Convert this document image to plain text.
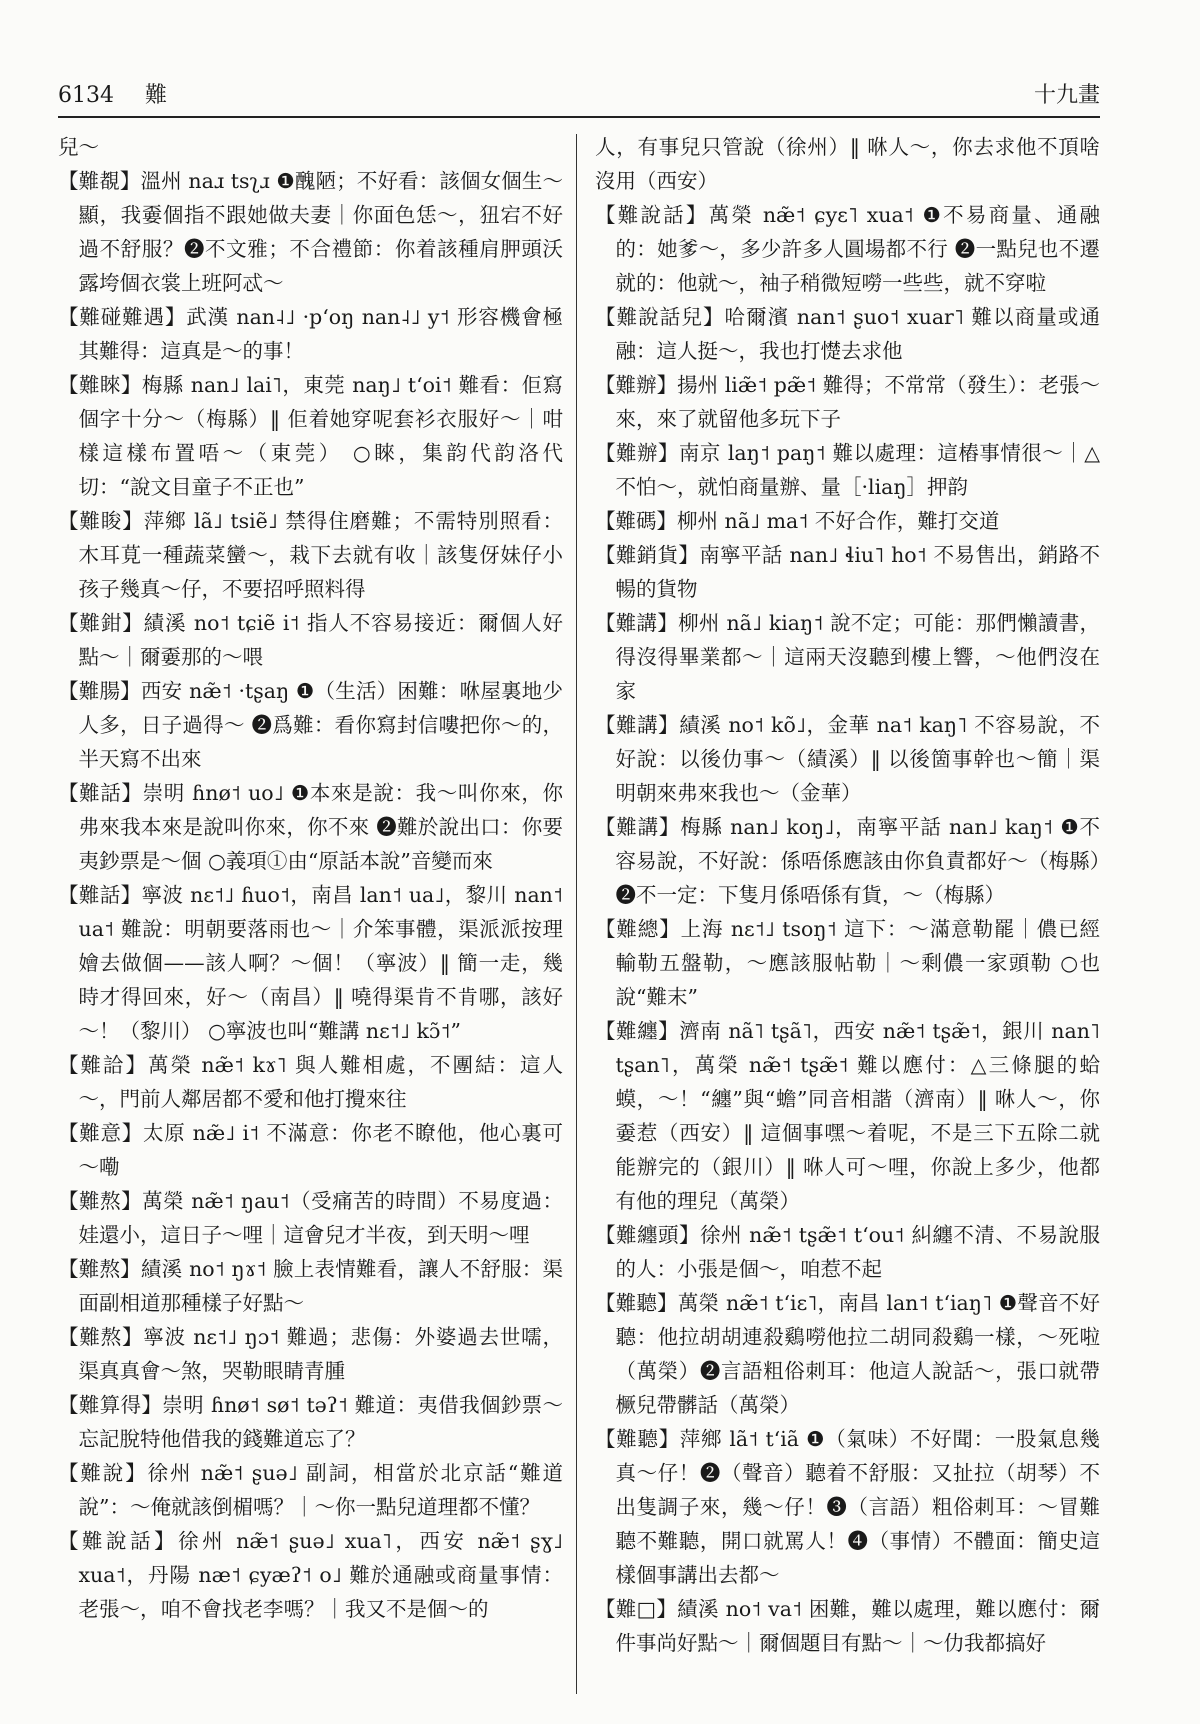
6134 難	十九畫

兒～

【難覩】溫州 naɹ tsʅɹ ❶醜陋；不好看：該個女個生～顯，我嫑個指不跟她做夫妻｜你面色恁～，狃宕不好過不舒服？❷不文雅；不合禮節：你着該種肩胛頭沃露垮個衣裳上班阿忒～

【難碰難遇】武漢 nan˨˩ ·pʻoŋ nan˨˩ y˦ 形容機會極其難得：這真是～的事！

【難睞】梅縣 nan˩ lai˥，東莞 naŋ˩ tʻoi˦ 難看：佢寫個字十分～（梅縣）‖ 佢着她穿呢套衫衣服好～｜咁樣這樣布置唔～（東莞） ○睞，集韵代韵洛代切：“說文目童子不正也”

【難睃】萍鄉 lã˩ tsiẽ˩ 禁得住磨難；不需特別照看：木耳莧一種蔬菜蠻～，栽下去就有收｜該隻伢妹仔小孩子幾真～仔，不要招呼照料得

【難鉗】績溪 no˦ tɕiẽ i˦ 指人不容易接近：爾個人好點～｜爾嫑那的～喂

【難腸】西安 næ̃˦ ·tʂaŋ ❶（生活）困難：咻屋裏地少人多，日子過得～ ❷爲難：看你寫封信嘍把你～的，半天寫不出來

【難話】崇明 ɦnø˦ uo˩ ❶本來是說：我～叫你來，你弗來我本來是說叫你來，你不來 ❷難於說出口：你要夷鈔票是～個 ○義項①由“原話本說”音變而來

【難話】寧波 nɛ˦˩ ɦuo˦，南昌 lan˦ ua˩，黎川 nan˦ ua˦ 難說：明朝要落雨也～｜介笨事體，渠派派按理嬒去做個——該人啊？～個！（寧波）‖ 簡一走，幾時才得回來，好～（南昌）‖ 嘵得渠肯不肯哪，該好～！（黎川） ○寧波也叫“難講 nɛ˦˩ kɔ̃˦”

【難詥】萬榮 næ̃˦ kɤ˥ 與人難相處，不團結：這人～，門前人鄰居都不愛和他打攪來往

【難意】太原 næ̃˩ i˦ 不滿意：你老不瞭他，他心裏可～嘞

【難熬】萬榮 næ̃˦ ŋau˦（受痛苦的時間）不易度過：娃還小，這日子～哩｜這會兒才半夜，到天明～哩

【難熬】績溪 no˦ ŋɤ˦ 臉上表情難看，讓人不舒服：渠面副相道那種樣子好點～

【難熬】寧波 nɛ˦˩ ŋɔ˦ 難過；悲傷：外婆過去世嚅，渠真真會～煞，哭勒眼睛青腫

【難算得】崇明 ɦnø˦ sø˦ təʔ˦ 難道：夷借我個鈔票～忘記脫特他借我的錢難道忘了？

【難說】徐州 næ̃˦ ʂuə˩ 副詞，相當於北京話“難道說”：～俺就該倒楣嗎？｜～你一點兒道理都不懂？

【難說話】徐州 næ̃˦ ʂuə˩ xua˥，西安 næ̃˦ ʂɣ˩ xua˦，丹陽 næ˦ ɕyæʔ˦ o˩ 難於通融或商量事情：老張～，咱不會找老李嗎？｜我又不是個～的

人，有事兒只管說（徐州）‖ 咻人～，你去求他不頂啥沒用（西安）

【難說話】萬榮 næ̃˦ ɕyɛ˥ xua˦ ❶不易商量、通融的：她爹～，多少許多人圓場都不行 ❷一點兒也不遷就的：他就～，袖子稍微短嘮一些些，就不穿啦

【難說話兒】哈爾濱 nan˦ ʂuo˦ xuar˥ 難以商量或通融：這人挺～，我也打憷去求他

【難辦】揚州 liæ̃˦ pæ̃˦ 難得；不常常（發生）：老張～來，來了就留他多玩下子

【難辦】南京 laŋ˦ paŋ˦ 難以處理：這樁事情很～｜△不怕～，就怕商量辦、量［·liaŋ］押韵

【難碼】柳州 nã˩ ma˦ 不好合作，難打交道

【難銷貨】南寧平話 nan˩ ɬiu˥ ho˦ 不易售出，銷路不暢的貨物

【難講】柳州 nã˩ kiaŋ˦ 說不定；可能：那們懶讀書，得沒得畢業都～｜這兩天沒聽到樓上響，～他們沒在家

【難講】績溪 no˦ kõ˩，金華 na˦ kaŋ˥ 不容易說，不好說：以後仂事～（績溪）‖ 以後箇事幹也～簡｜渠明朝來弗來我也～（金華）

【難講】梅縣 nan˩ koŋ˩，南寧平話 nan˩ kaŋ˦ ❶不容易說，不好說：係唔係應該由你負責都好～（梅縣）❷不一定：下隻月係唔係有貨，～（梅縣）

【難總】上海 nɛ˦˩ tsoŋ˦ 這下：～滿意勒罷｜儂已經輸勒五盤勒，～應該服帖勒｜～剩儂一家頭勒 ○也說“難末”

【難纏】濟南 nã˥ tʂã˥，西安 næ̃˦ tʂæ̃˦，銀川 nan˥ tʂan˥，萬榮 næ̃˦ tʂæ̃˦ 難以應付：△三條腿的蛤蟆，～！“纏”與“蟾”同音相諧（濟南）‖ 咻人～，你嫑惹（西安）‖ 這個事嘿～着呢，不是三下五除二就能辦完的（銀川）‖ 咻人可～哩，你說上多少，他都有他的理兒（萬榮）

【難纏頭】徐州 næ̃˦ tʂæ̃˦ tʻou˦ 糾纏不清、不易說服的人：小張是個～，咱惹不起

【難聽】萬榮 næ̃˦ tʻiɛ˥，南昌 lan˦ tʻiaŋ˥ ❶聲音不好聽：他拉胡胡連殺鷄嘮他拉二胡同殺鷄一樣，～死啦（萬榮）❷言語粗俗刺耳：他這人說話～，張口就帶橛兒帶髒話（萬榮）

【難聽】萍鄉 lã˦ tʻiã ❶（氣味）不好聞：一股氣息幾真～仔！❷（聲音）聽着不舒服：又扯拉（胡琴）不出隻調子來，幾～仔！❸（言語）粗俗刺耳：～冒難聽不難聽，開口就罵人！❹（事情）不體面：簡史這樣個事講出去都～

【難□】績溪 no˦ va˦ 困難，難以處理，難以應付：爾件事尚好點～｜爾個題目有點～｜～仂我都搞好
